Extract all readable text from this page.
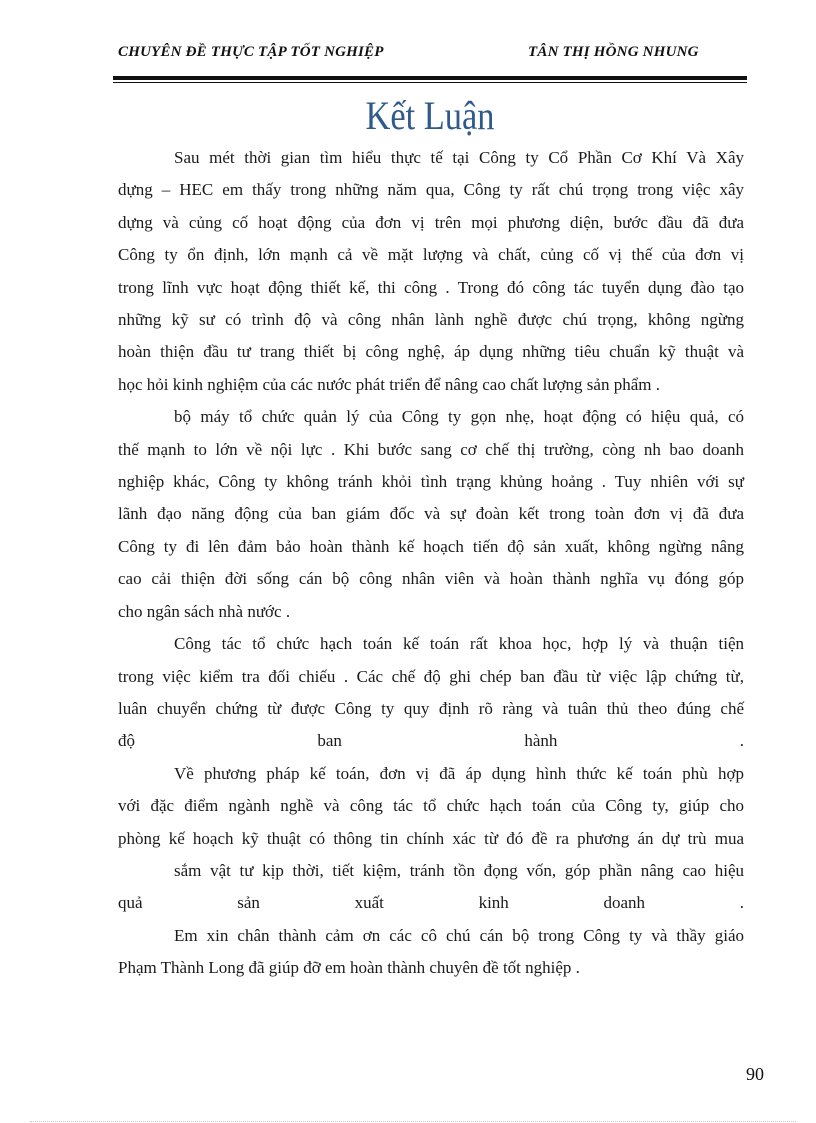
CHUYÊN ĐỀ THỰC TẬP TỐT NGHIỆP	TÂN THỊ HỒNG NHUNG
Kết Luận
Sau mét thời gian tìm hiểu thực tế tại Công ty Cổ Phần Cơ Khí Và Xây
dựng – HEC em thấy trong những năm qua, Công ty rất chú trọng trong việc xây
dựng và củng cố hoạt động của đơn vị trên mọi phương diện, bước đầu đã đưa
Công ty ổn định, lớn mạnh cả về mặt lượng và chất, củng cố vị thế của đơn vị
trong lĩnh vực hoạt động thiết kế, thi công . Trong đó công tác tuyển dụng đào tạo
những kỹ sư có trình độ và công nhân lành nghề được chú trọng, không ngừng
hoàn thiện đầu tư trang thiết bị công nghệ, áp dụng những tiêu chuẩn kỹ thuật và
học hỏi kinh nghiệm của các nước phát triển để nâng cao chất lượng sản phẩm .
bộ máy tổ chức quản lý của Công ty gọn nhẹ, hoạt động có hiệu quả, có
thế mạnh to lớn về nội lực . Khi bước sang cơ chế thị trường, còng nh bao doanh
nghiệp khác, Công ty không tránh khỏi tình trạng khủng hoảng . Tuy nhiên với sự
lãnh đạo năng động của ban giám đốc và sự đoàn kết trong toàn đơn vị đã đưa
Công ty đi lên đảm bảo hoàn thành kế hoạch tiến độ sản xuất, không ngừng nâng
cao cải thiện đời sống cán bộ công nhân viên và hoàn thành nghĩa vụ đóng góp
cho ngân sách nhà nước .
Công tác tổ chức hạch toán kế toán rất khoa học, hợp lý và thuận tiện
trong việc kiểm tra đối chiếu . Các chế độ ghi chép ban đầu từ việc lập chứng từ,
luân chuyển chứng từ được Công ty quy định rõ ràng và tuân thủ theo đúng chế
độ ban hành .
Về phương pháp kế toán, đơn vị đã áp dụng hình thức kế toán phù hợp
với đặc điểm ngành nghề và công tác tổ chức hạch toán của Công ty, giúp cho
phòng kế hoạch kỹ thuật có thông tin chính xác từ đó đề ra phương án dự trù mua
sắm vật tư kịp thời, tiết kiệm, tránh tồn đọng vốn, góp phần nâng cao hiệu
quả sản xuất kinh doanh .
Em xin chân thành cảm ơn các cô chú cán bộ trong Công ty và thầy giáo
Phạm Thành Long đã giúp đỡ em hoàn thành chuyên đề tốt nghiệp .
90
